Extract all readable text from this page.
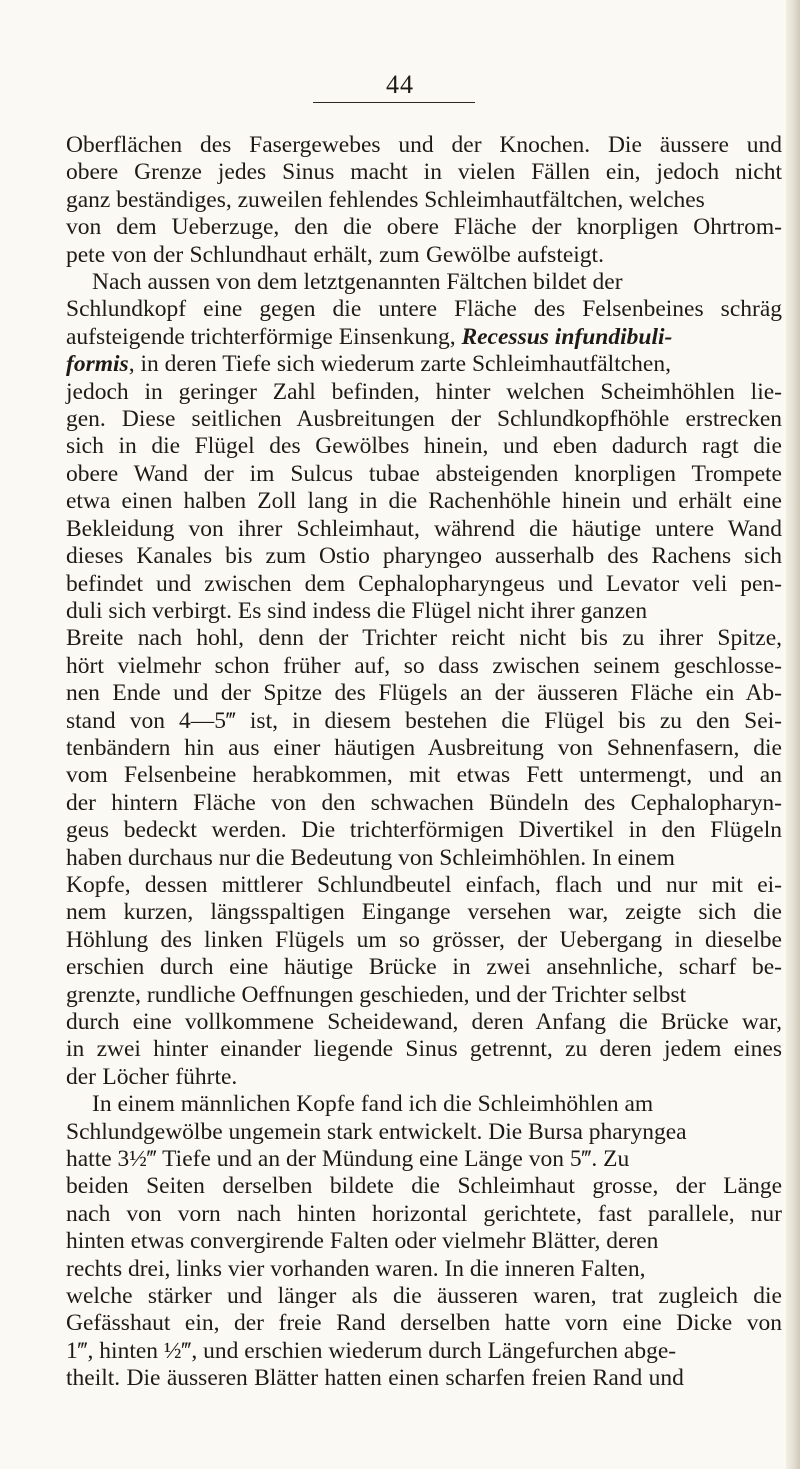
44
Oberflächen des Fasergewebes und der Knochen. Die äussere und
obere Grenze jedes Sinus macht in vielen Fällen ein, jedoch nicht
ganz beständiges, zuweilen fehlendes Schleimhautfältchen, welches
von dem Ueberzuge, den die obere Fläche der knorpligen Ohrtrom-
pete von der Schlundhaut erhält, zum Gewölbe aufsteigt.
Nach aussen von dem letztgenannten Fältchen bildet der
Schlundkopf eine gegen die untere Fläche des Felsenbeines schräg
aufsteigende trichterförmige Einsenkung, Recessus infundibuli-
formis, in deren Tiefe sich wiederum zarte Schleimhautfältchen,
jedoch in geringer Zahl befinden, hinter welchen Scheimhöhlen lie-
gen. Diese seitlichen Ausbreitungen der Schlundkopfhöhle erstrecken
sich in die Flügel des Gewölbes hinein, und eben dadurch ragt die
obere Wand der im Sulcus tubae absteigenden knorpligen Trompete
etwa einen halben Zoll lang in die Rachenhöhle hinein und erhält eine
Bekleidung von ihrer Schleimhaut, während die häutige untere Wand
dieses Kanales bis zum Ostio pharyngeo ausserhalb des Rachens sich
befindet und zwischen dem Cephalopharyngeus und Levator veli pen-
duli sich verbirgt. Es sind indess die Flügel nicht ihrer ganzen
Breite nach hohl, denn der Trichter reicht nicht bis zu ihrer Spitze,
hört vielmehr schon früher auf, so dass zwischen seinem geschlosse-
nen Ende und der Spitze des Flügels an der äusseren Fläche ein Ab-
stand von 4—5‴ ist, in diesem bestehen die Flügel bis zu den Sei-
tenbändern hin aus einer häutigen Ausbreitung von Sehnenfasern, die
vom Felsenbeine herabkommen, mit etwas Fett untermengt, und an
der hintern Fläche von den schwachen Bündeln des Cephalopharyn-
geus bedeckt werden. Die trichterförmigen Divertikel in den Flügeln
haben durchaus nur die Bedeutung von Schleimhöhlen. In einem
Kopfe, dessen mittlerer Schlundbeutel einfach, flach und nur mit ei-
nem kurzen, längsspaltigen Eingange versehen war, zeigte sich die
Höhlung des linken Flügels um so grösser, der Uebergang in dieselbe
erschien durch eine häutige Brücke in zwei ansehnliche, scharf be-
grenzte, rundliche Oeffnungen geschieden, und der Trichter selbst
durch eine vollkommene Scheidewand, deren Anfang die Brücke war,
in zwei hinter einander liegende Sinus getrennt, zu deren jedem eines
der Löcher führte.
In einem männlichen Kopfe fand ich die Schleimhöhlen am
Schlundgewölbe ungemein stark entwickelt. Die Bursa pharyngea
hatte 3½‴ Tiefe und an der Mündung eine Länge von 5‴. Zu
beiden Seiten derselben bildete die Schleimhaut grosse, der Länge
nach von vorn nach hinten horizontal gerichtete, fast parallele, nur
hinten etwas convergirende Falten oder vielmehr Blätter, deren
rechts drei, links vier vorhanden waren. In die inneren Falten,
welche stärker und länger als die äusseren waren, trat zugleich die
Gefässhaut ein, der freie Rand derselben hatte vorn eine Dicke von
1‴, hinten ½‴, und erschien wiederum durch Längefurchen abge-
theilt. Die äusseren Blätter hatten einen scharfen freien Rand und
